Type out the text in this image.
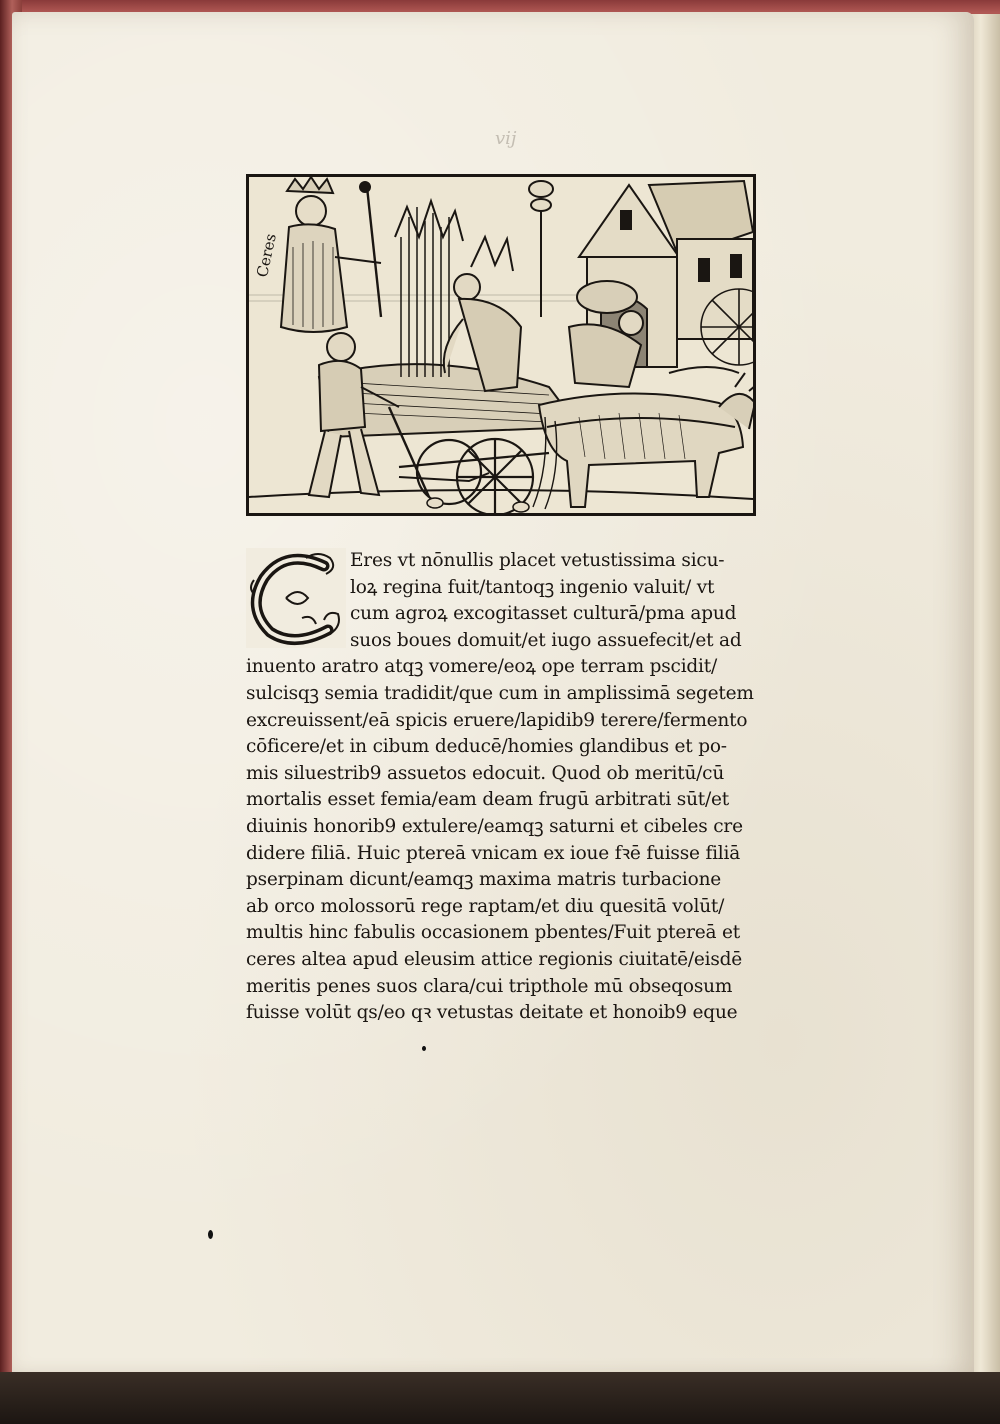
vij
Ceres
C
Eres vt nōnullis placet vetustissima sicu-
loꝝ regina fuit/tantoqꝫ ingenio valuit/ vt
cum agroꝝ excogitasset culturā/pma apud
suos boues domuit/et iugo assuefecit/et ad
inuento aratro atqꝫ vomere/eoꝝ ope terram pscidit/
sulcisqꝫ semia tradidit/que cum in amplissimā segetem
excreuissent/eā spicis eruere/lapidib9 terere/fermento
cōficere/et in cibum deducē/homies glandibus et po-
mis siluestrib9 assuetos edocuit. Quod ob meritū/cū
mortalis esset femia/eam deam frugū arbitrati sūt/et
diuinis honorib9 extulere/eamqꝫ saturni et cibeles cre
didere filiā. Huic ptereā vnicam ex ioue fꝛē fuisse filiā
pserpinam dicunt/eamqꝫ maxima matris turbacione
ab orco molossorū rege raptam/et diu quesitā volūt/
multis hinc fabulis occasionem pbentes/Fuit ptereā et
ceres altea apud eleusim attice regionis ciuitatē/eisdē
meritis penes suos clara/cui tripthole mū obseqosum
fuisse volūt qs/eo qꝛ vetustas deitate et honoib9 eque
